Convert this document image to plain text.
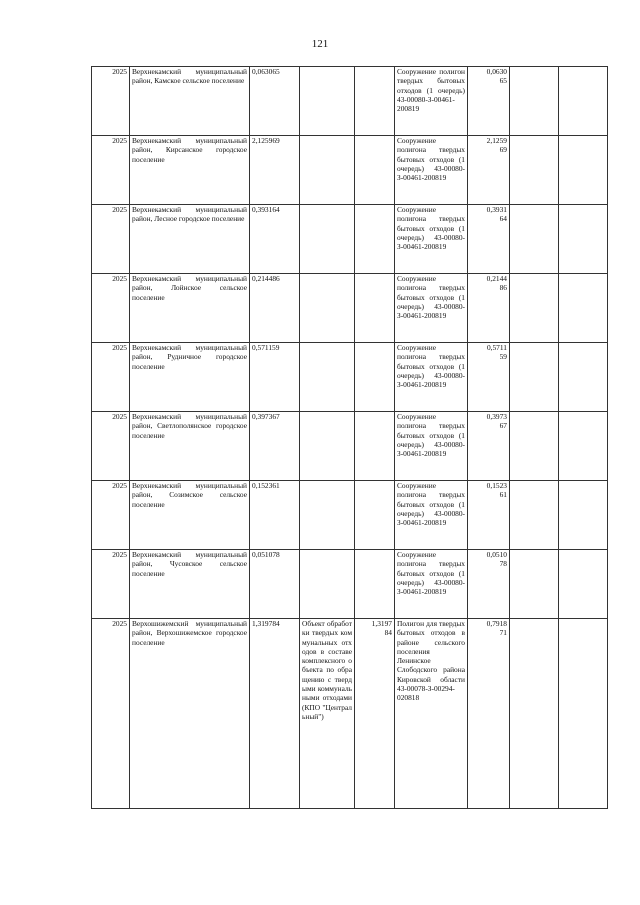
121
2025	Верхнекамский муниципальный район, Камское сельское поселение	0,063065			Сооружение полигон твердых бытовых отходов (1 очередь) 43-00080-З-00461-200819	0,0630
65		
2025	Верхнекамский муниципальный район, Кирсанское городское поселение	2,125969			Сооружение полигона твердых бытовых отходов (1 очередь) 43-00080-З-00461-200819	2,1259
69		
2025	Верхнекамский муниципальный район, Лесное городское поселение	0,393164			Сооружение полигона твердых бытовых отходов (1 очередь) 43-00080-З-00461-200819	0,3931
64		
2025	Верхнекамский муниципальный район, Лойнское сельское поселение	0,214486			Сооружение полигона твердых бытовых отходов (1 очередь) 43-00080-З-00461-200819	0,2144
86		
2025	Верхнекамский муниципальный район, Рудничное городское поселение	0,571159			Сооружение полигона твердых бытовых отходов (1 очередь) 43-00080-З-00461-200819	0,5711
59		
2025	Верхнекамский муниципальный район, Светлополянское городское поселение	0,397367			Сооружение полигона твердых бытовых отходов (1 очередь) 43-00080-З-00461-200819	0,3973
67		
2025	Верхнекамский муниципальный район, Созимское сельское поселение	0,152361			Сооружение полигона твердых бытовых отходов (1 очередь) 43-00080-З-00461-200819	0,1523
61		
2025	Верхнекамский муниципальный район, Чусовское сельское поселение	0,051078			Сооружение полигона твердых бытовых отходов (1 очередь) 43-00080-З-00461-200819	0,0510
78		
2025	Верхошижемский муниципальный район, Верхошижемское городское поселение	1,319784	Объект обработки твердых коммунальных отходов в составе комплексного объекта по обращению с твердыми коммунальными отходами (КПО "Центральный")	1,3197
84	Полигон для твердых бытовых отходов в районе сельского поселения Ленинское Слободского района Кировской области 43-00078-З-00294-020818	0,7918
71		
